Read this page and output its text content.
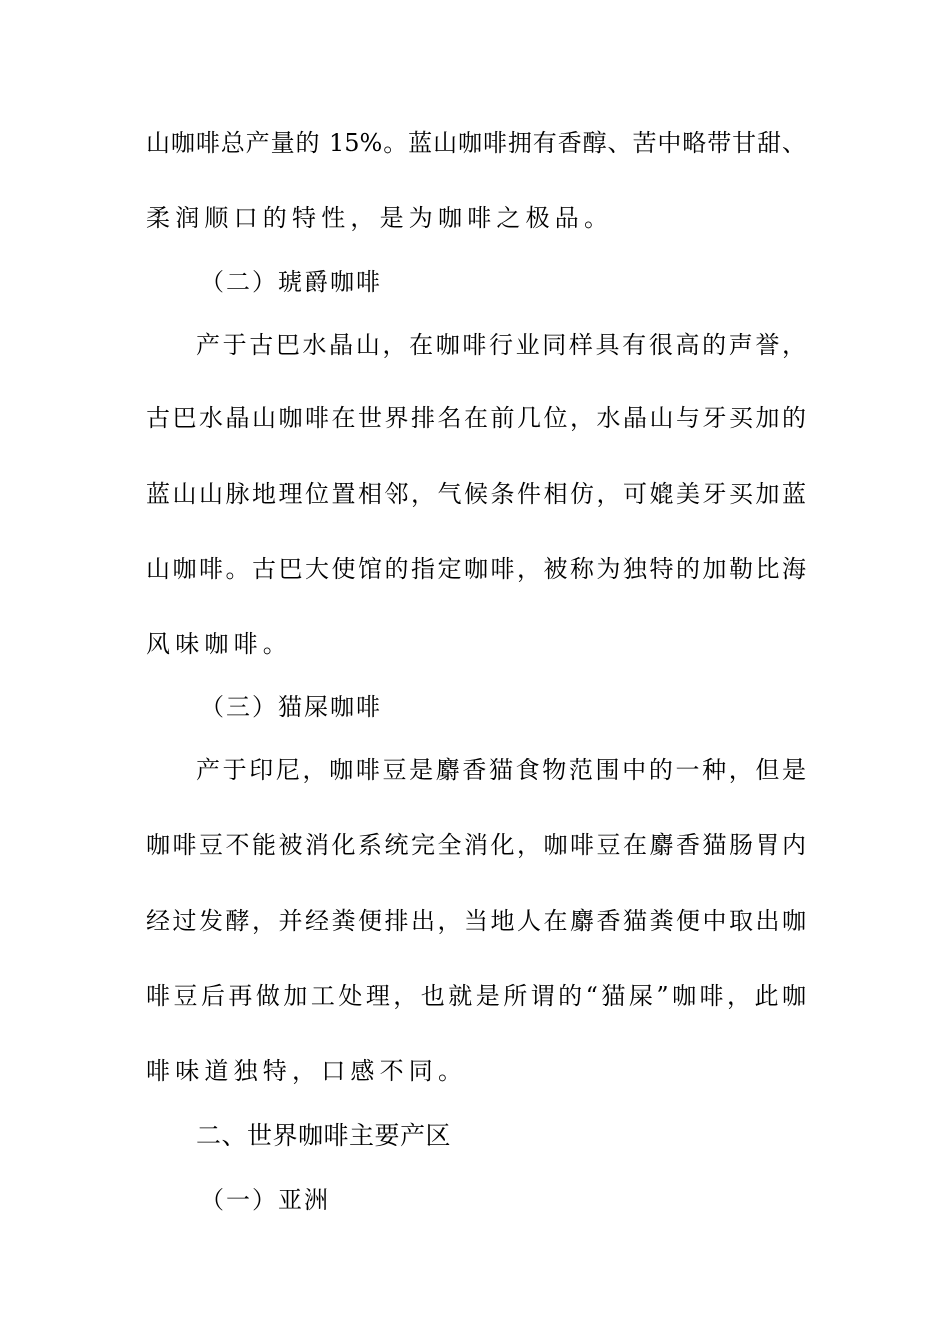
山咖啡总产量的 15%。蓝山咖啡拥有香醇、苦中略带甘甜、
柔润顺口的特性，是为咖啡之极品。
（二）琥爵咖啡
产于古巴水晶山，在咖啡行业同样具有很高的声誉，
古巴水晶山咖啡在世界排名在前几位，水晶山与牙买加的
蓝山山脉地理位置相邻，气候条件相仿，可媲美牙买加蓝
山咖啡。古巴大使馆的指定咖啡，被称为独特的加勒比海
风味咖啡。
（三）猫屎咖啡
产于印尼，咖啡豆是麝香猫食物范围中的一种，但是
咖啡豆不能被消化系统完全消化，咖啡豆在麝香猫肠胃内
经过发酵，并经粪便排出，当地人在麝香猫粪便中取出咖
啡豆后再做加工处理，也就是所谓的“猫屎”咖啡，此咖
啡味道独特，口感不同。
二、世界咖啡主要产区
（一）亚洲
